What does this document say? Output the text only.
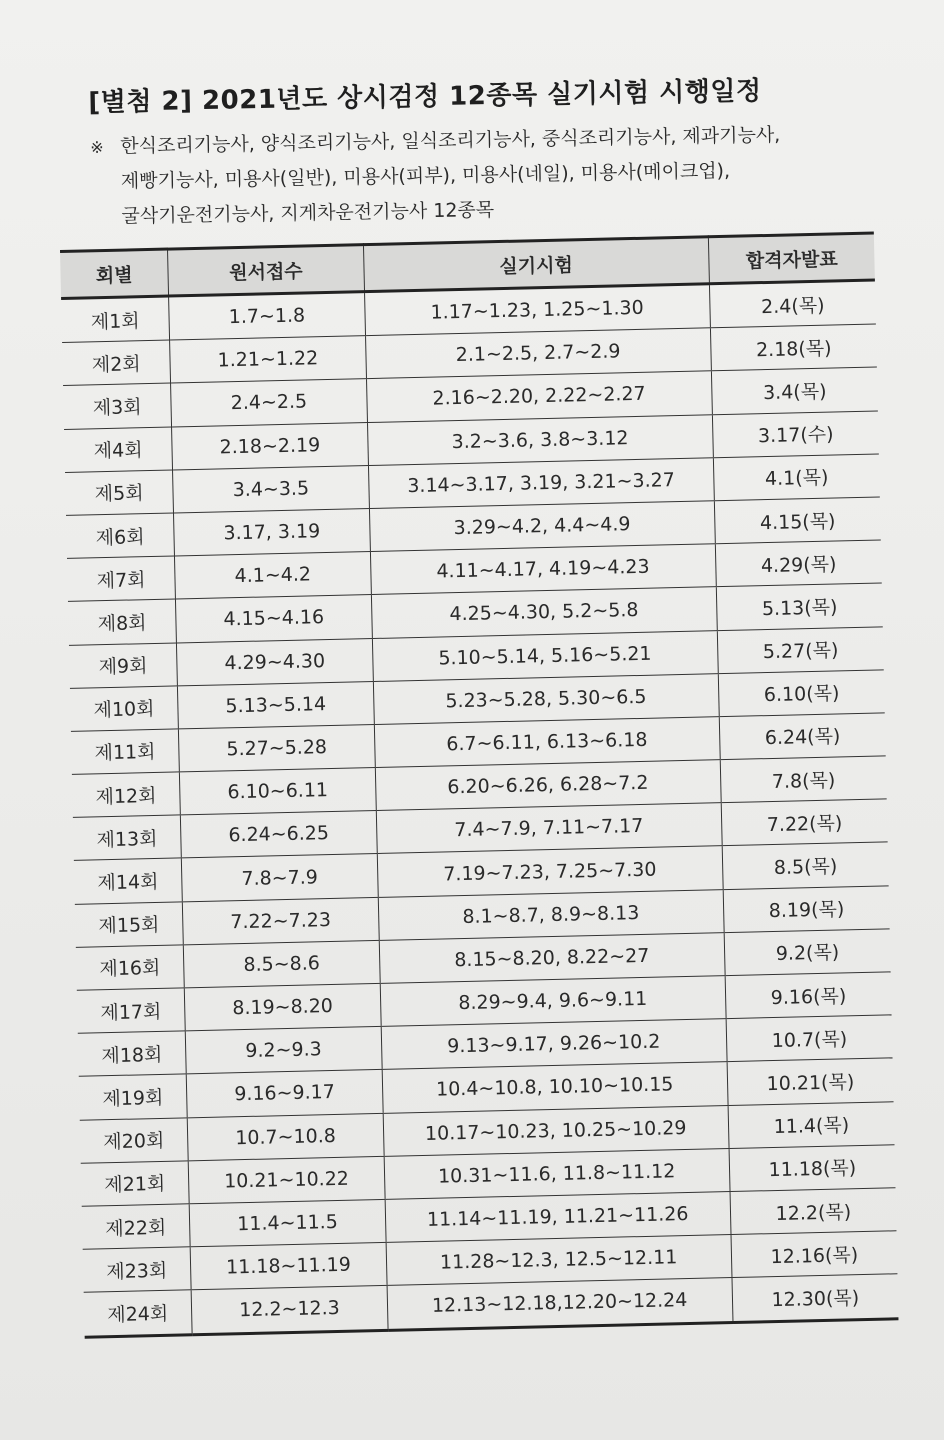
[별첨 2] 2021년도 상시검정 12종목 실기시험 시행일정
※ 한식조리기능사, 양식조리기능사, 일식조리기능사, 중식조리기능사, 제과기능사,
제빵기능사, 미용사(일반), 미용사(피부), 미용사(네일), 미용사(메이크업),
굴삭기운전기능사, 지게차운전기능사 12종목
회별	원서접수	실기시험	합격자발표
제1회	1.7~1.8	1.17~1.23, 1.25~1.30	2.4(목)
제2회	1.21~1.22	2.1~2.5, 2.7~2.9	2.18(목)
제3회	2.4~2.5	2.16~2.20, 2.22~2.27	3.4(목)
제4회	2.18~2.19	3.2~3.6, 3.8~3.12	3.17(수)
제5회	3.4~3.5	3.14~3.17, 3.19, 3.21~3.27	4.1(목)
제6회	3.17, 3.19	3.29~4.2, 4.4~4.9	4.15(목)
제7회	4.1~4.2	4.11~4.17, 4.19~4.23	4.29(목)
제8회	4.15~4.16	4.25~4.30, 5.2~5.8	5.13(목)
제9회	4.29~4.30	5.10~5.14, 5.16~5.21	5.27(목)
제10회	5.13~5.14	5.23~5.28, 5.30~6.5	6.10(목)
제11회	5.27~5.28	6.7~6.11, 6.13~6.18	6.24(목)
제12회	6.10~6.11	6.20~6.26, 6.28~7.2	7.8(목)
제13회	6.24~6.25	7.4~7.9, 7.11~7.17	7.22(목)
제14회	7.8~7.9	7.19~7.23, 7.25~7.30	8.5(목)
제15회	7.22~7.23	8.1~8.7, 8.9~8.13	8.19(목)
제16회	8.5~8.6	8.15~8.20, 8.22~27	9.2(목)
제17회	8.19~8.20	8.29~9.4, 9.6~9.11	9.16(목)
제18회	9.2~9.3	9.13~9.17, 9.26~10.2	10.7(목)
제19회	9.16~9.17	10.4~10.8, 10.10~10.15	10.21(목)
제20회	10.7~10.8	10.17~10.23, 10.25~10.29	11.4(목)
제21회	10.21~10.22	10.31~11.6, 11.8~11.12	11.18(목)
제22회	11.4~11.5	11.14~11.19, 11.21~11.26	12.2(목)
제23회	11.18~11.19	11.28~12.3, 12.5~12.11	12.16(목)
제24회	12.2~12.3	12.13~12.18,12.20~12.24	12.30(목)
